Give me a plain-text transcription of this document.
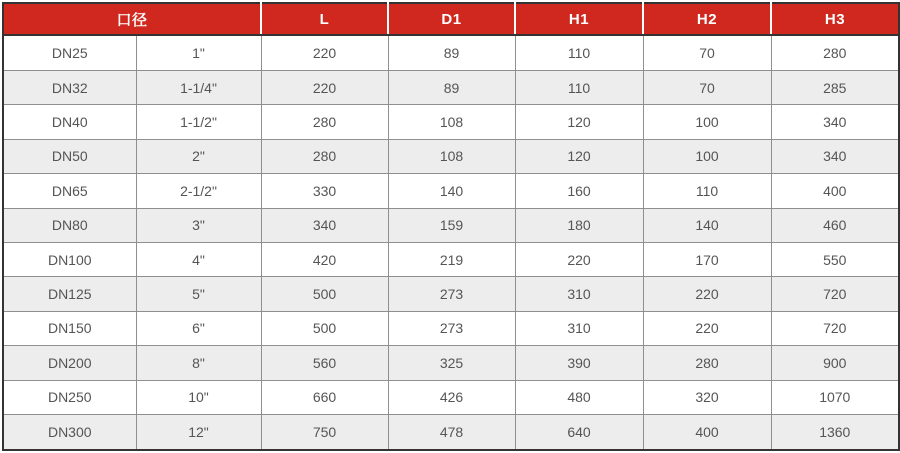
口径		L	D1	H1	H2	H3
DN25	1"	220	89	110	70	280
DN32	1-1/4"	220	89	110	70	285
DN40	1-1/2"	280	108	120	100	340
DN50	2"	280	108	120	100	340
DN65	2-1/2"	330	140	160	110	400
DN80	3"	340	159	180	140	460
DN100	4"	420	219	220	170	550
DN125	5"	500	273	310	220	720
DN150	6"	500	273	310	220	720
DN200	8"	560	325	390	280	900
DN250	10"	660	426	480	320	1070
DN300	12"	750	478	640	400	1360
